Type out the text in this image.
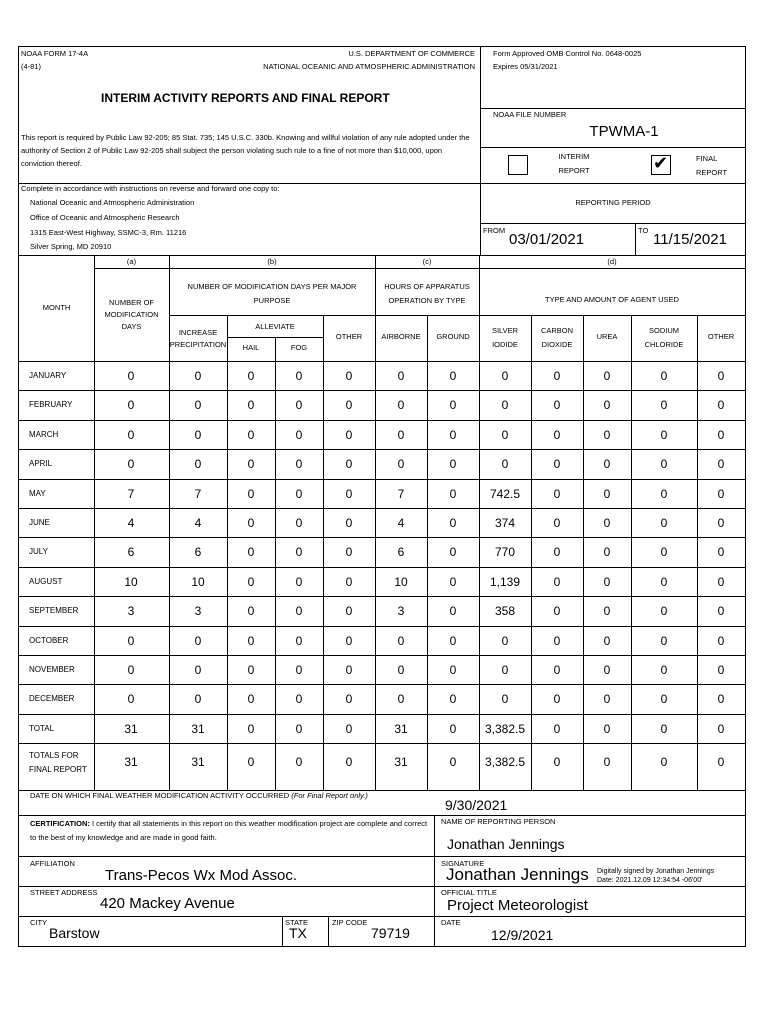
NOAA FORM 17-4A
(4-81)
U.S. DEPARTMENT OF COMMERCE
NATIONAL OCEANIC AND ATMOSPHERIC ADMINISTRATION
Form Approved OMB Control No. 0648-0025
Expires 05/31/2021
INTERIM ACTIVITY REPORTS AND FINAL REPORT
NOAA FILE NUMBER
TPWMA-1
This report is required by Public Law 92-205; 85 Stat. 735; 145 U.S.C. 330b. Knowing and willful violation of any rule adopted under the authority of Section 2 of Public Law 92-205 shall subject the person violating such rule to a fine of not more than $10,000, upon conviction thereof.
INTERIM
REPORT	✔	FINAL
REPORT
Complete in accordance with instructions on reverse and forward one copy to:
National Oceanic and Atmospheric Administration
Office of Oceanic and Atmospheric Research
1315 East-West Highway, SSMC-3, Rm. 11216
Silver Spring, MD 20910
REPORTING PERIOD
FROM
03/01/2021
TO
11/15/2021
(a)	(b)	(c)	(d)
MONTH
NUMBER OF
MODIFICATION
DAYS
NUMBER OF MODIFICATION DAYS PER MAJOR
PURPOSE
INCREASE
PRECIPITATION
ALLEVIATE
HAIL	FOG
OTHER
HOURS OF APPARATUS
OPERATION BY TYPE
AIRBORNE	GROUND
TYPE AND AMOUNT OF AGENT USED
SILVER
IODIDE
CARBON
DIOXIDE
UREA
SODIUM
CHLORIDE
OTHER
JANUARY	0	0	0	0	0	0	0	0	0	0	0	0
FEBRUARY	0	0	0	0	0	0	0	0	0	0	0	0
MARCH	0	0	0	0	0	0	0	0	0	0	0	0
APRIL	0	0	0	0	0	0	0	0	0	0	0	0
MAY	7	7	0	0	0	7	0	742.5	0	0	0	0
JUNE	4	4	0	0	0	4	0	374	0	0	0	0
JULY	6	6	0	0	0	6	0	770	0	0	0	0
AUGUST	10	10	0	0	0	10	0	1,139	0	0	0	0
SEPTEMBER	3	3	0	0	0	3	0	358	0	0	0	0
OCTOBER	0	0	0	0	0	0	0	0	0	0	0	0
NOVEMBER	0	0	0	0	0	0	0	0	0	0	0	0
DECEMBER	0	0	0	0	0	0	0	0	0	0	0	0
TOTAL	31	31	0	0	0	31	0	3,382.5	0	0	0	0
TOTALS FOR
FINAL REPORT
31	31	0	0	0	31	0	3,382.5	0	0	0	0
DATE ON WHICH FINAL WEATHER MODIFICATION ACTIVITY OCCURRED (For Final Report only.)
9/30/2021
CERTIFICATION: I certify that all statements in this report on this weather modification project are complete and correct to the best of my knowledge and are made in good faith.
NAME OF REPORTING PERSON
Jonathan Jennings
AFFILIATION
Trans-Pecos Wx Mod Assoc.
SIGNATURE
Jonathan Jennings Digitally signed by Jonathan Jennings
Date: 2021.12.09 12:34:54 -06'00'
STREET ADDRESS
420 Mackey Avenue
OFFICIAL TITLE
Project Meteorologist
CITY
Barstow
STATE
TX
ZIP CODE
79719
DATE
12/9/2021
